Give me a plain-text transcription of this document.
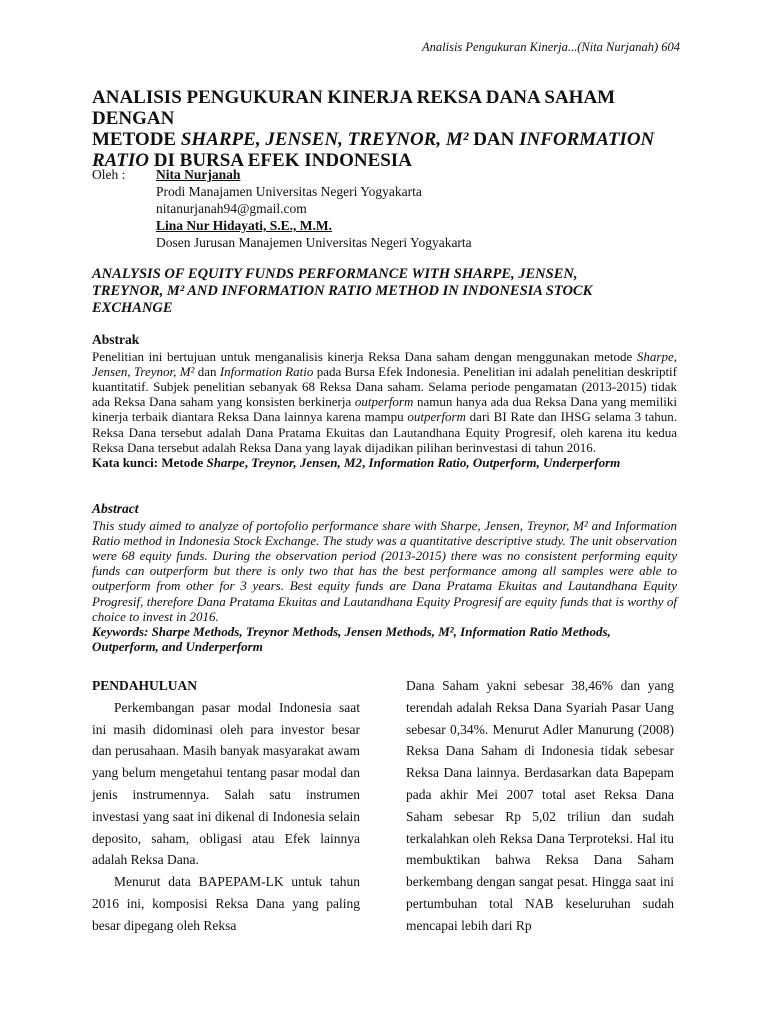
Analisis Pengukuran Kinerja...(Nita Nurjanah) 604
ANALISIS PENGUKURAN KINERJA REKSA DANA SAHAM DENGAN
METODE SHARPE, JENSEN, TREYNOR, M² DAN INFORMATION
RATIO DI BURSA EFEK INDONESIA
Oleh :	Nita Nurjanah
Prodi Manajamen Universitas Negeri Yogyakarta
nitanurjanah94@gmail.com
Lina Nur Hidayati, S.E., M.M.
Dosen Jurusan Manajemen Universitas Negeri Yogyakarta
ANALYSIS OF EQUITY FUNDS PERFORMANCE WITH SHARPE, JENSEN, TREYNOR, M² AND INFORMATION RATIO METHOD IN INDONESIA STOCK EXCHANGE
Abstrak

Penelitian ini bertujuan untuk menganalisis kinerja Reksa Dana saham dengan menggunakan metode Sharpe, Jensen, Treynor, M² dan Information Ratio pada Bursa Efek Indonesia. Penelitian ini adalah penelitian deskriptif kuantitatif. Subjek penelitian sebanyak 68 Reksa Dana saham. Selama periode pengamatan (2013-2015) tidak ada Reksa Dana saham yang konsisten berkinerja outperform namun hanya ada dua Reksa Dana yang memiliki kinerja terbaik diantara Reksa Dana lainnya karena mampu outperform dari BI Rate dan IHSG selama 3 tahun. Reksa Dana tersebut adalah Dana Pratama Ekuitas dan Lautandhana Equity Progresif, oleh karena itu kedua Reksa Dana tersebut adalah Reksa Dana yang layak dijadikan pilihan berinvestasi di tahun 2016.

Kata kunci: Metode Sharpe, Treynor, Jensen, M2, Information Ratio, Outperform, Underperform

Abstract

This study aimed to analyze of portofolio performance share with Sharpe, Jensen, Treynor, M² and Information Ratio method in Indonesia Stock Exchange. The study was a quantitative descriptive study. The unit observation were 68 equity funds. During the observation period (2013-2015) there was no consistent performing equity funds can outperform but there is only two that has the best performance among all samples were able to outperform from other for 3 years. Best equity funds are Dana Pratama Ekuitas and Lautandhana Equity Progresif, therefore Dana Pratama Ekuitas and Lautandhana Equity Progresif are equity funds that is worthy of choice to invest in 2016.

Keywords: Sharpe Methods, Treynor Methods, Jensen Methods, M², Information Ratio Methods, Outperform, and Underperform

PENDAHULUAN

Perkembangan pasar modal Indonesia saat ini masih didominasi oleh para investor besar dan perusahaan. Masih banyak masyarakat awam yang belum mengetahui tentang pasar modal dan jenis instrumennya. Salah satu instrumen investasi yang saat ini dikenal di Indonesia selain deposito, saham, obligasi atau Efek lainnya adalah Reksa Dana.

Menurut data BAPEPAM-LK untuk tahun 2016 ini, komposisi Reksa Dana yang paling besar dipegang oleh Reksa

Dana Saham yakni sebesar 38,46% dan yang terendah adalah Reksa Dana Syariah Pasar Uang sebesar 0,34%. Menurut Adler Manurung (2008) Reksa Dana Saham di Indonesia tidak sebesar Reksa Dana lainnya. Berdasarkan data Bapepam pada akhir Mei 2007 total aset Reksa Dana Saham sebesar Rp 5,02 triliun dan sudah terkalahkan oleh Reksa Dana Terproteksi. Hal itu membuktikan bahwa Reksa Dana Saham berkembang dengan sangat pesat. Hingga saat ini pertumbuhan total NAB keseluruhan sudah mencapai lebih dari Rp
